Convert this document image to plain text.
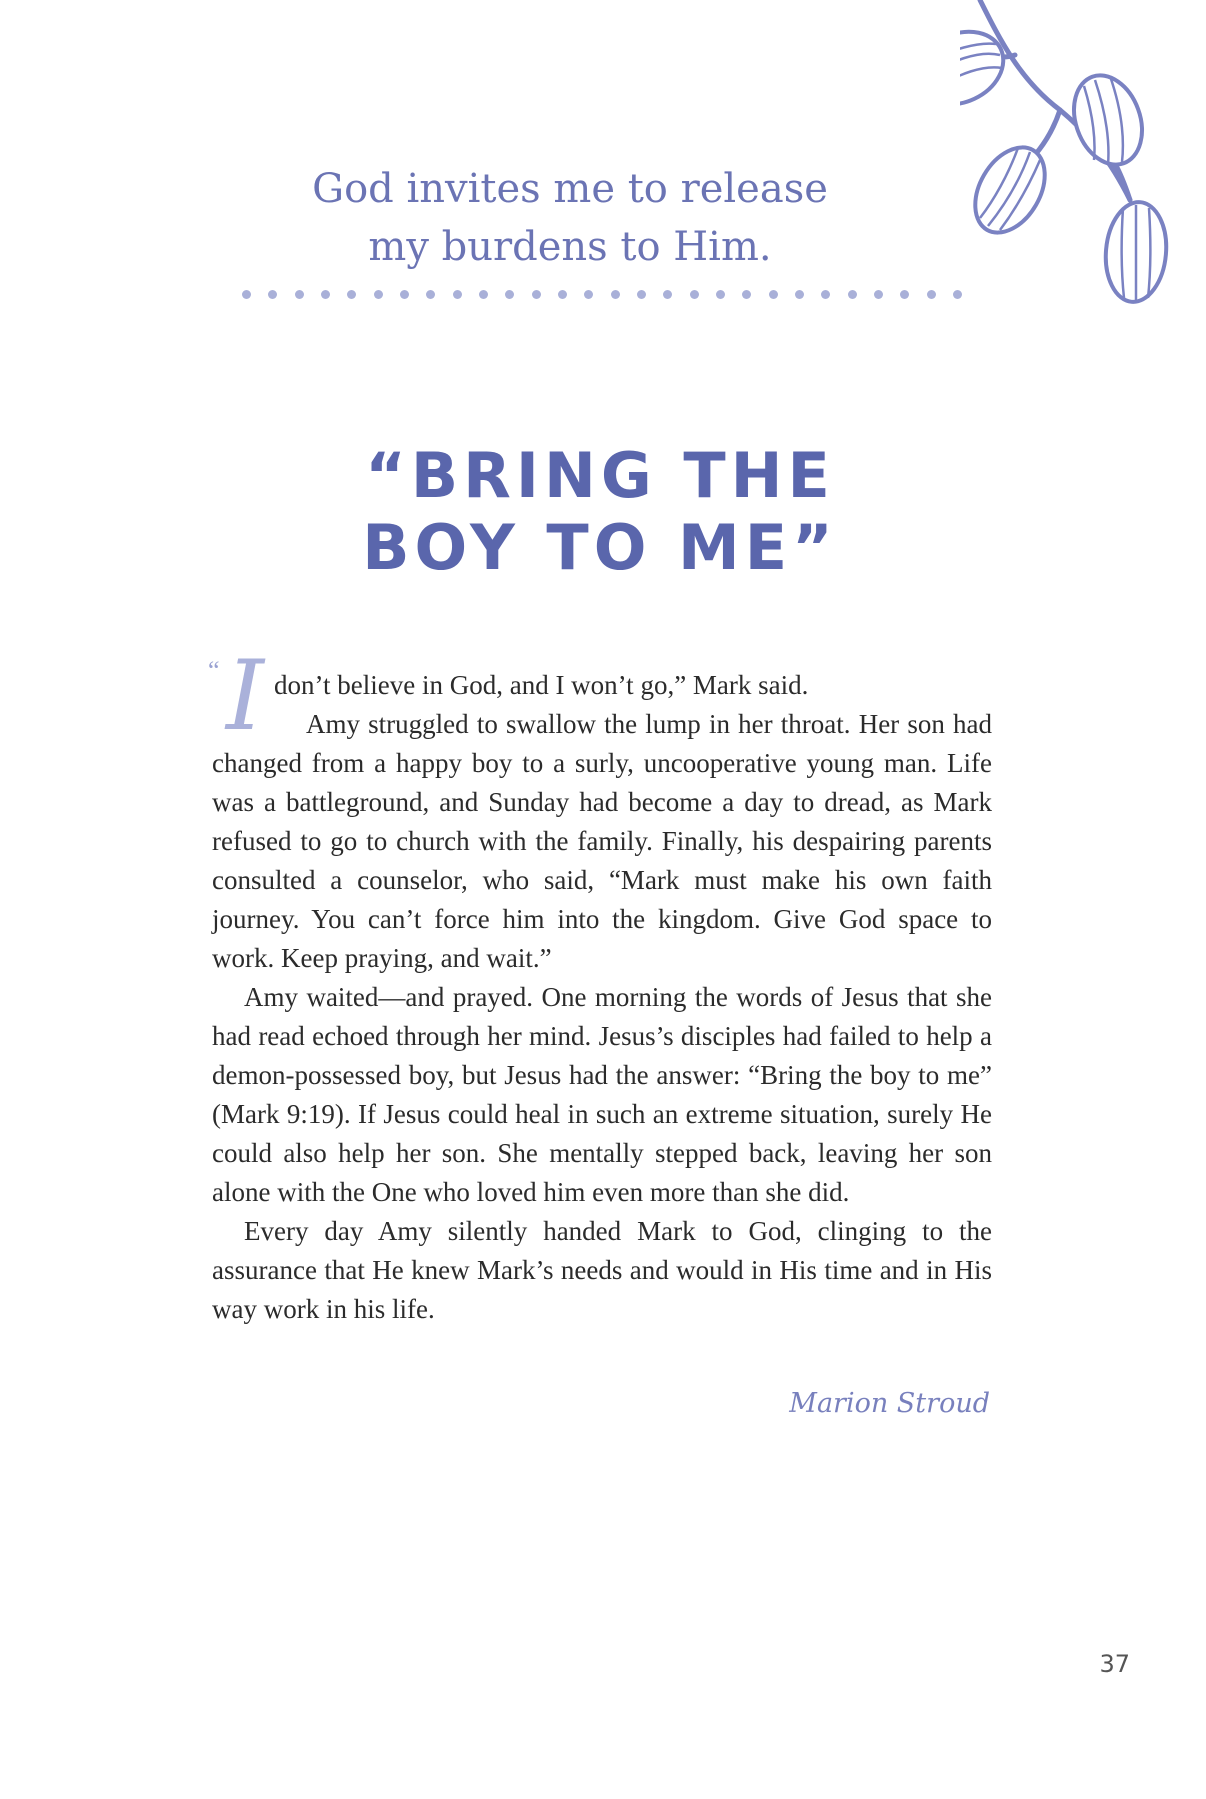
God invites me to release
my burdens to Him.
“BRING THE
BOY TO ME”

“ I don’t believe in God, and I won’t go,” Mark said.

Amy struggled to swallow the lump in her throat. Her son had changed from a happy boy to a surly, uncooperative young man. Life was a battleground, and Sunday had become a day to dread, as Mark refused to go to church with the family. Finally, his despairing parents consulted a counselor, who said, “Mark must make his own faith journey. You can’t force him into the kingdom. Give God space to work. Keep praying, and wait.”

Amy waited—and prayed. One morning the words of Jesus that she had read echoed through her mind. Jesus’s disciples had failed to help a demon-possessed boy, but Jesus had the answer: “Bring the boy to me” (Mark 9:19). If Jesus could heal in such an extreme situation, surely He could also help her son. She mentally stepped back, leaving her son alone with the One who loved him even more than she did.

Every day Amy silently handed Mark to God, clinging to the assurance that He knew Mark’s needs and would in His time and in His way work in his life.

Marion Stroud
37
